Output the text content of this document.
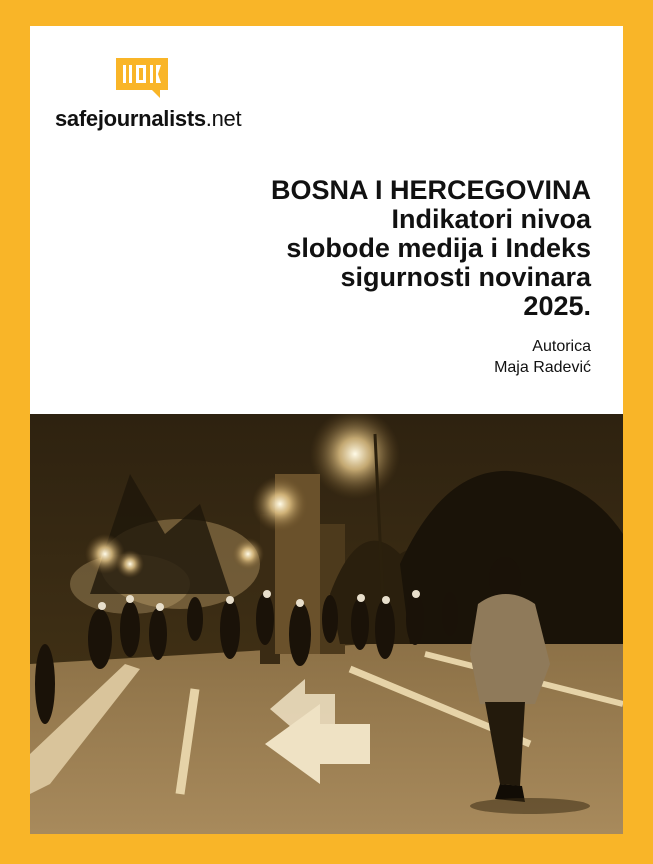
safejournalists.net
BOSNA I HERCEGOVINA
Indikatori nivoa
slobode medija i Indeks
sigurnosti novinara
2025.
Autorica
Maja Radević
